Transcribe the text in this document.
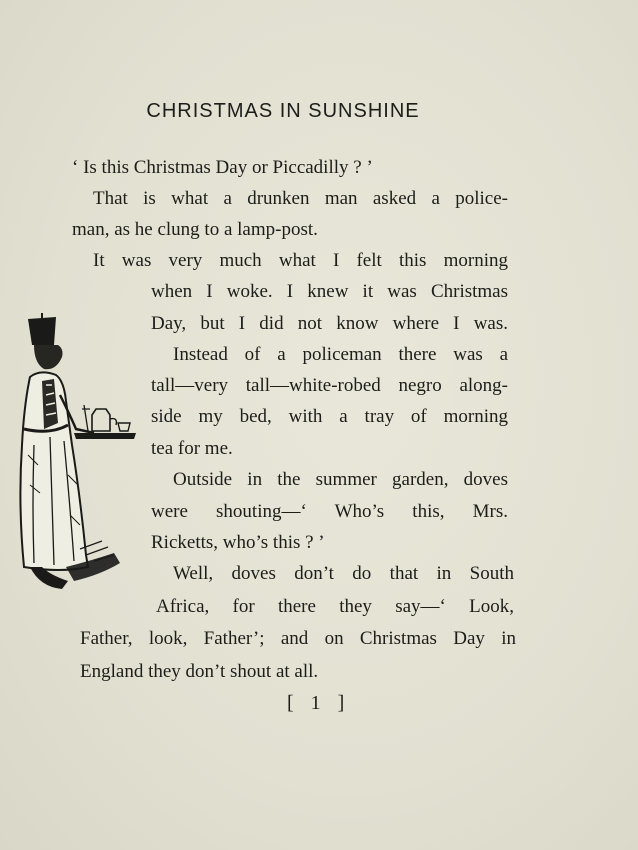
CHRISTMAS IN SUNSHINE
‘ Is this Christmas Day or Piccadilly ? ’
That is what a drunken man asked a police-
man, as he clung to a lamp-post.
It was very much what I felt this morning
when I woke. I knew it was Christmas
Day, but I did not know where I was.
Instead of a policeman there was a
tall—very tall—white-robed negro along-
side my bed, with a tray of morning
tea for me.
Outside in the summer garden, doves
were shouting—‘ Who’s this, Mrs.
Ricketts, who’s this ? ’
Well, doves don’t do that in South
Africa, for there they say—‘ Look,
Father, look, Father’; and on Christmas Day in
England they don’t shout at all.
[ 1 ]
